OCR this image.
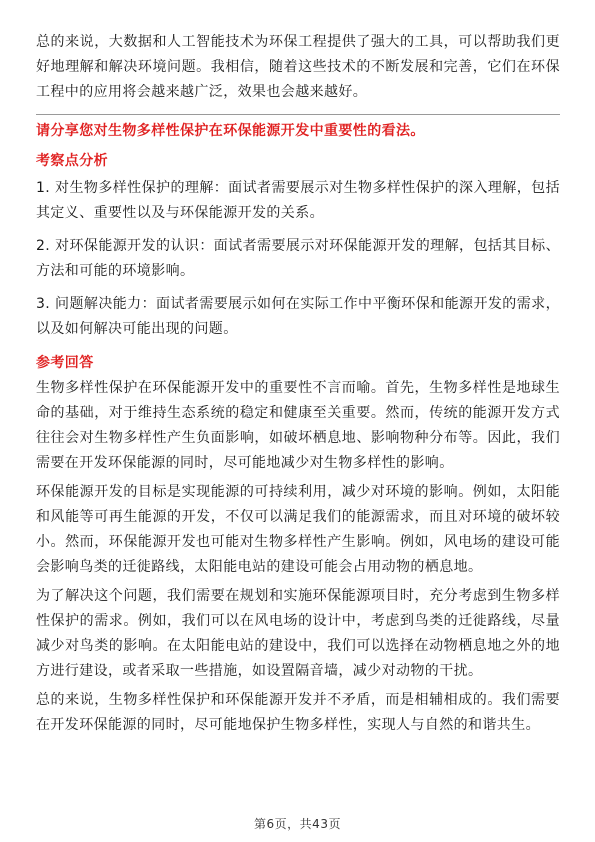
总的来说，大数据和人工智能技术为环保工程提供了强大的工具，可以帮助我们更好地理解和解决环境问题。我相信，随着这些技术的不断发展和完善，它们在环保工程中的应用将会越来越广泛，效果也会越来越好。

请分享您对生物多样性保护在环保能源开发中重要性的看法。

考察点分析

1. 对生物多样性保护的理解：面试者需要展示对生物多样性保护的深入理解，包括其定义、重要性以及与环保能源开发的关系。

2. 对环保能源开发的认识：面试者需要展示对环保能源开发的理解，包括其目标、方法和可能的环境影响。

3. 问题解决能力：面试者需要展示如何在实际工作中平衡环保和能源开发的需求，以及如何解决可能出现的问题。

参考回答

生物多样性保护在环保能源开发中的重要性不言而喻。首先，生物多样性是地球生命的基础，对于维持生态系统的稳定和健康至关重要。然而，传统的能源开发方式往往会对生物多样性产生负面影响，如破坏栖息地、影响物种分布等。因此，我们需要在开发环保能源的同时，尽可能地减少对生物多样性的影响。

环保能源开发的目标是实现能源的可持续利用，减少对环境的影响。例如，太阳能和风能等可再生能源的开发，不仅可以满足我们的能源需求，而且对环境的破坏较小。然而，环保能源开发也可能对生物多样性产生影响。例如，风电场的建设可能会影响鸟类的迁徙路线，太阳能电站的建设可能会占用动物的栖息地。

为了解决这个问题，我们需要在规划和实施环保能源项目时，充分考虑到生物多样性保护的需求。例如，我们可以在风电场的设计中，考虑到鸟类的迁徙路线，尽量减少对鸟类的影响。在太阳能电站的建设中，我们可以选择在动物栖息地之外的地方进行建设，或者采取一些措施，如设置隔音墙，减少对动物的干扰。

总的来说，生物多样性保护和环保能源开发并不矛盾，而是相辅相成的。我们需要在开发环保能源的同时，尽可能地保护生物多样性，实现人与自然的和谐共生。

第6页，共43页
